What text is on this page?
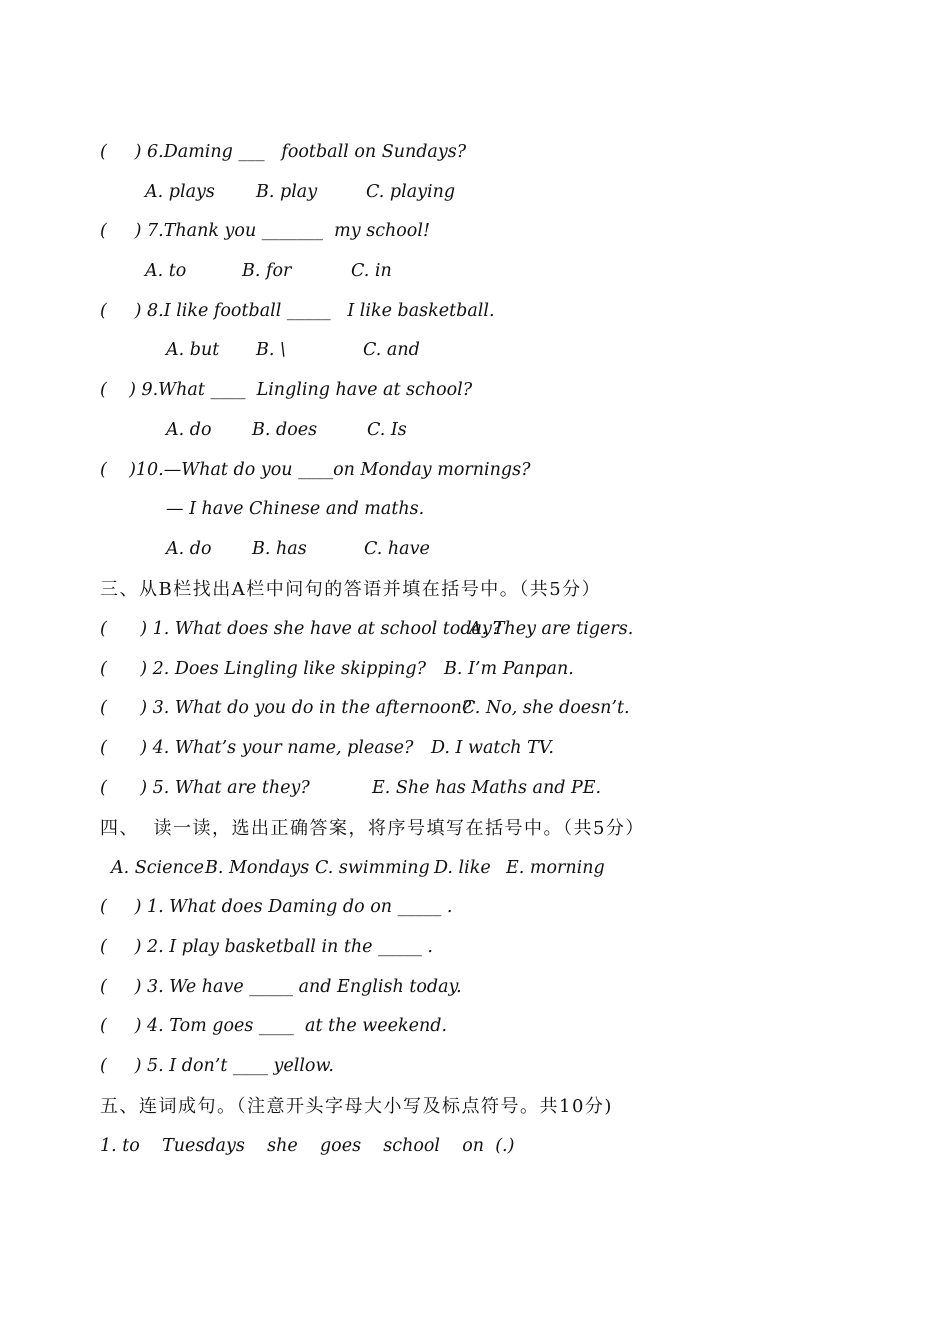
(     ) 6.Daming ___   football on Sundays?

A. plays

B. play

	C. playing

(     ) 7.Thank you _______  my school!

A. to

	B. for

	C. in

(     ) 8.I like football _____   I like basketball.

A. but

B. \

	C. and

(    ) 9.What ____  Lingling have at school?

A. do

B. does

	C. Is

(    )10.—What do you ____on Monday mornings?

— I have Chinese and maths.

A. do

B. has

	C. have

三、从B栏找出A栏中问句的答语并填在括号中。（共5分）

(      ) 1. What does she have at school today?

A. They are tigers.

(      ) 2. Does Lingling like skipping?

B. I’m Panpan.

(      ) 3. What do you do in the afternoon?

C. No, she doesn’t.

(      ) 4. What’s your name, please?

D. I watch TV.

(      ) 5. What are they?

	E. She has Maths and PE.

四、  读一读，选出正确答案，将序号填写在括号中。（共5分）

A. Science

B. Mondays

C. swimming

D. like

E. morning

(     ) 1. What does Daming do on _____ .

(     ) 2. I play basketball in the _____ .

(     ) 3. We have _____ and English today.

(     ) 4. Tom goes ____  at the weekend.

(     ) 5. I don’t ____ yellow.

五、连词成句。（注意开头字母大小写及标点符号。共10分)

1. to    Tuesdays    she    goes    school    on  (.)
